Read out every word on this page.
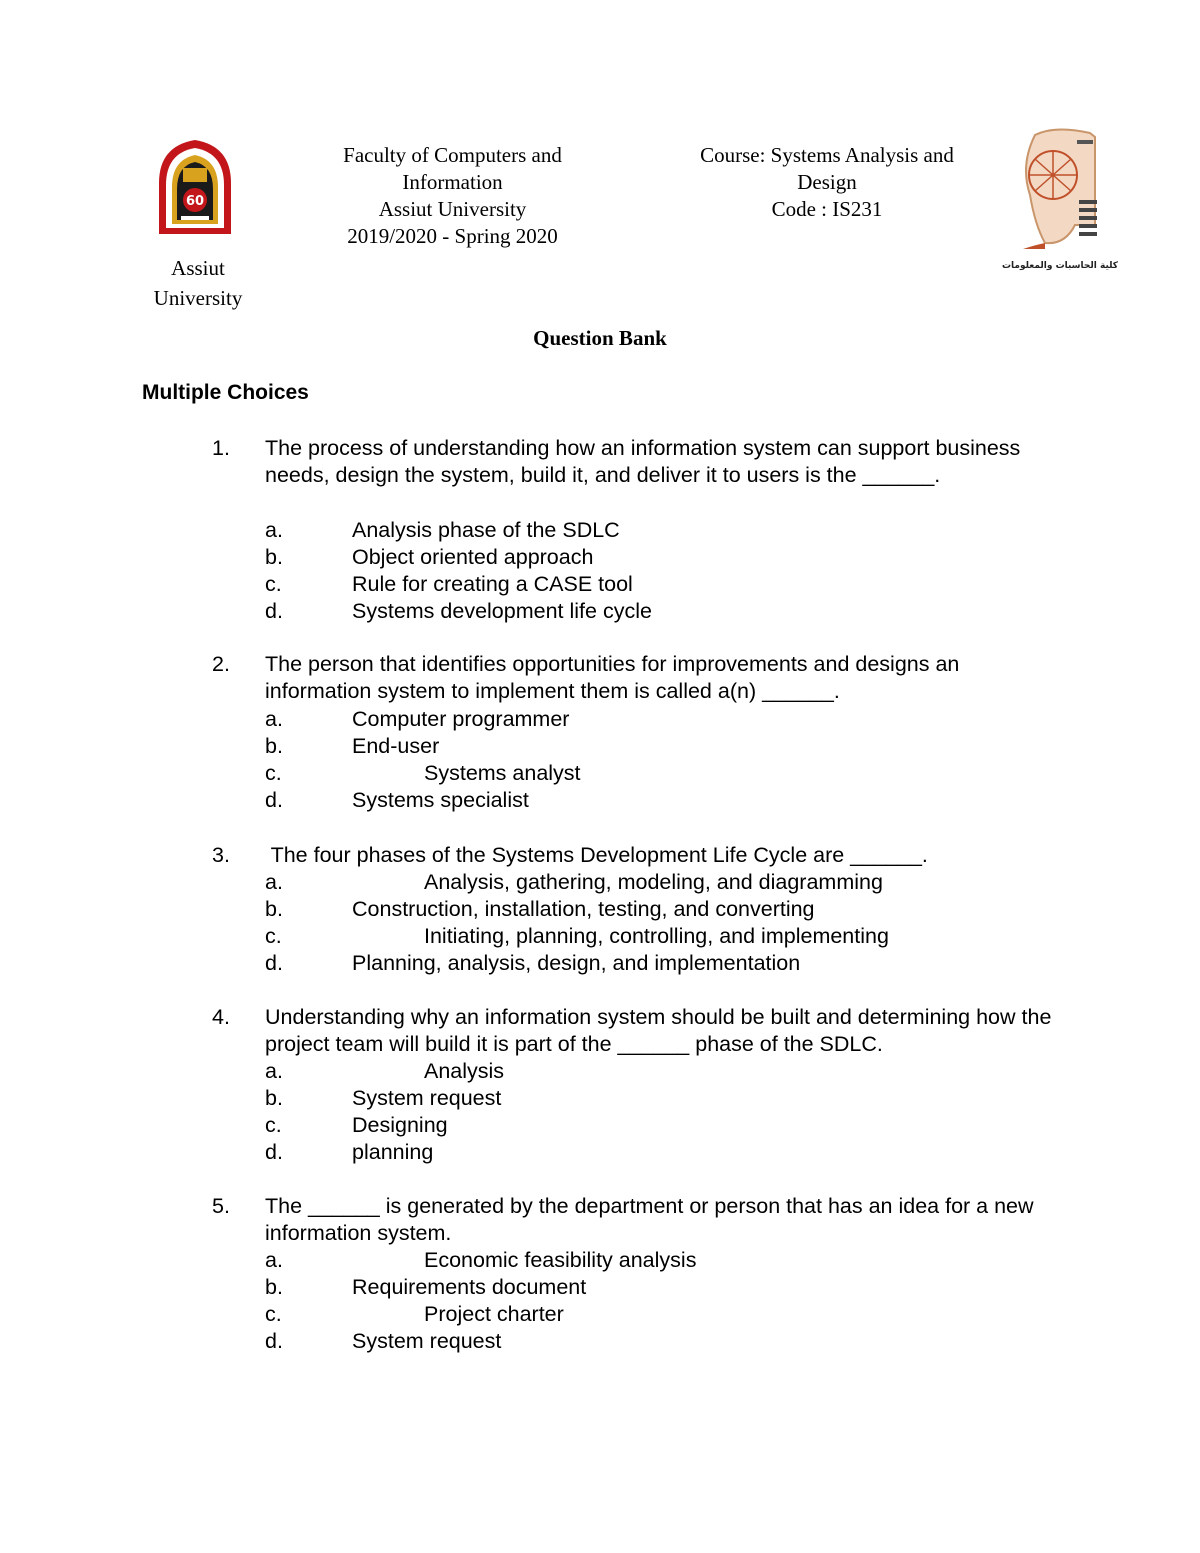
60
Assiut
University
Faculty of Computers and
Information
Assiut University
2019/2020 - Spring 2020
Course: Systems Analysis and
Design
Code : IS231
كلية الحاسبات والمعلومات
Question Bank
Multiple Choices
1. The process of understanding how an information system can support business needs, design the system, build it, and deliver it to users is the ______.
a.	Analysis phase of the SDLC
b.	Object oriented approach
c.	Rule for creating a CASE tool
d.	Systems development life cycle
2. The person that identifies opportunities for improvements and designs an information system to implement them is called a(n) ______.
a.	Computer programmer
b.	End-user
c.	Systems analyst
d.	Systems specialist
3. The four phases of the Systems Development Life Cycle are ______.
a.	Analysis, gathering, modeling, and diagramming
b.	Construction, installation, testing, and converting
c.	Initiating, planning, controlling, and implementing
d.	Planning, analysis, design, and implementation
4. Understanding why an information system should be built and determining how the project team will build it is part of the ______ phase of the SDLC.
a.	Analysis
b.	System request
c.	Designing
d.	planning
5. The ______ is generated by the department or person that has an idea for a new information system.
a.	Economic feasibility analysis
b.	Requirements document
c.	Project charter
d.	System request
